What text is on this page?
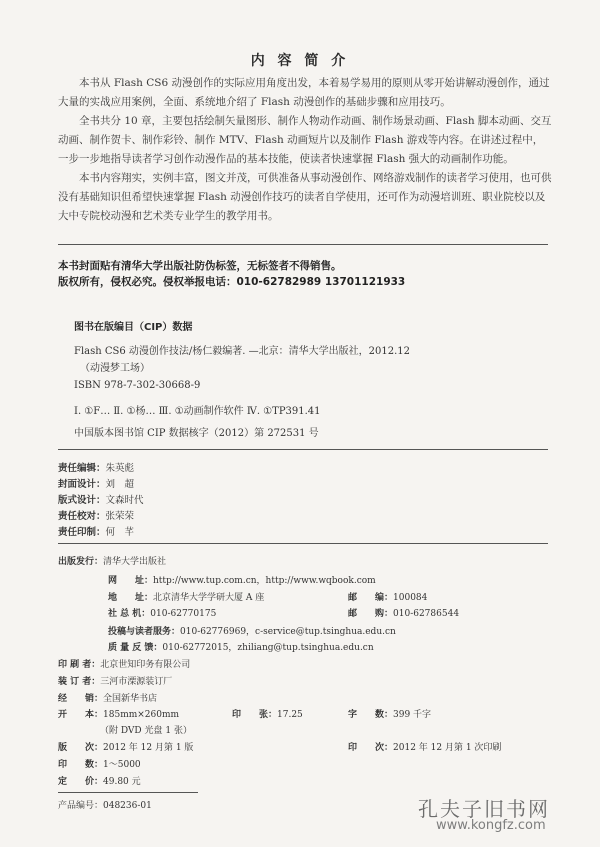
内 容 简 介

本书从 Flash CS6 动漫创作的实际应用角度出发，本着易学易用的原则从零开始讲解动漫创作，通过大量的实战应用案例，全面、系统地介绍了 Flash 动漫创作的基础步骤和应用技巧。

全书共分 10 章，主要包括绘制矢量图形、制作人物动作动画、制作场景动画、Flash 脚本动画、交互动画、制作贺卡、制作彩铃、制作 MTV、Flash 动画短片以及制作 Flash 游戏等内容。在讲述过程中，一步一步地指导读者学习创作动漫作品的基本技能，使读者快速掌握 Flash 强大的动画制作功能。

本书内容翔实，实例丰富，图文并茂，可供准备从事动漫创作、网络游戏制作的读者学习使用，也可供没有基础知识但希望快速掌握 Flash 动漫创作技巧的读者自学使用，还可作为动漫培训班、职业院校以及大中专院校动漫和艺术类专业学生的教学用书。

本书封面贴有清华大学出版社防伪标签，无标签者不得销售。
版权所有，侵权必究。侵权举报电话：010-62782989 13701121933
图书在版编目（CIP）数据
Flash CS6 动漫创作技法/杨仁毅编著. —北京：清华大学出版社，2012.12
（动漫梦工场）
ISBN 978-7-302-30668-9
Ⅰ. ①F… Ⅱ. ①杨… Ⅲ. ①动画制作软件 Ⅳ. ①TP391.41
中国版本图书馆 CIP 数据核字（2012）第 272531 号
责任编辑：朱英彪
封面设计：刘　超
版式设计：文森时代
责任校对：张荣荣
责任印制：何　芊
出版发行：清华大学出版社
网　　址：http://www.tup.com.cn，http://www.wqbook.com
地　　址：北京清华大学学研大厦 A 座	邮　　编：100084
社 总 机：010-62770175	邮　　购：010-62786544
投稿与读者服务：010-62776969，c-service@tup.tsinghua.edu.cn
质 量 反 馈：010-62772015，zhiliang@tup.tsinghua.edu.cn
印 刷 者：北京世知印务有限公司
装 订 者：三河市溧源装订厂
经　　销：全国新华书店
开　　本：185mm×260mm	印　　张：17.25	字　　数：399 千字
（附 DVD 光盘 1 张）
版　　次：2012 年 12 月第 1 版	印　　次：2012 年 12 月第 1 次印刷
印　　数：1～5000
定　　价：49.80 元
产品编号：048236-01	孔夫子旧书网
www.kongfz.com
